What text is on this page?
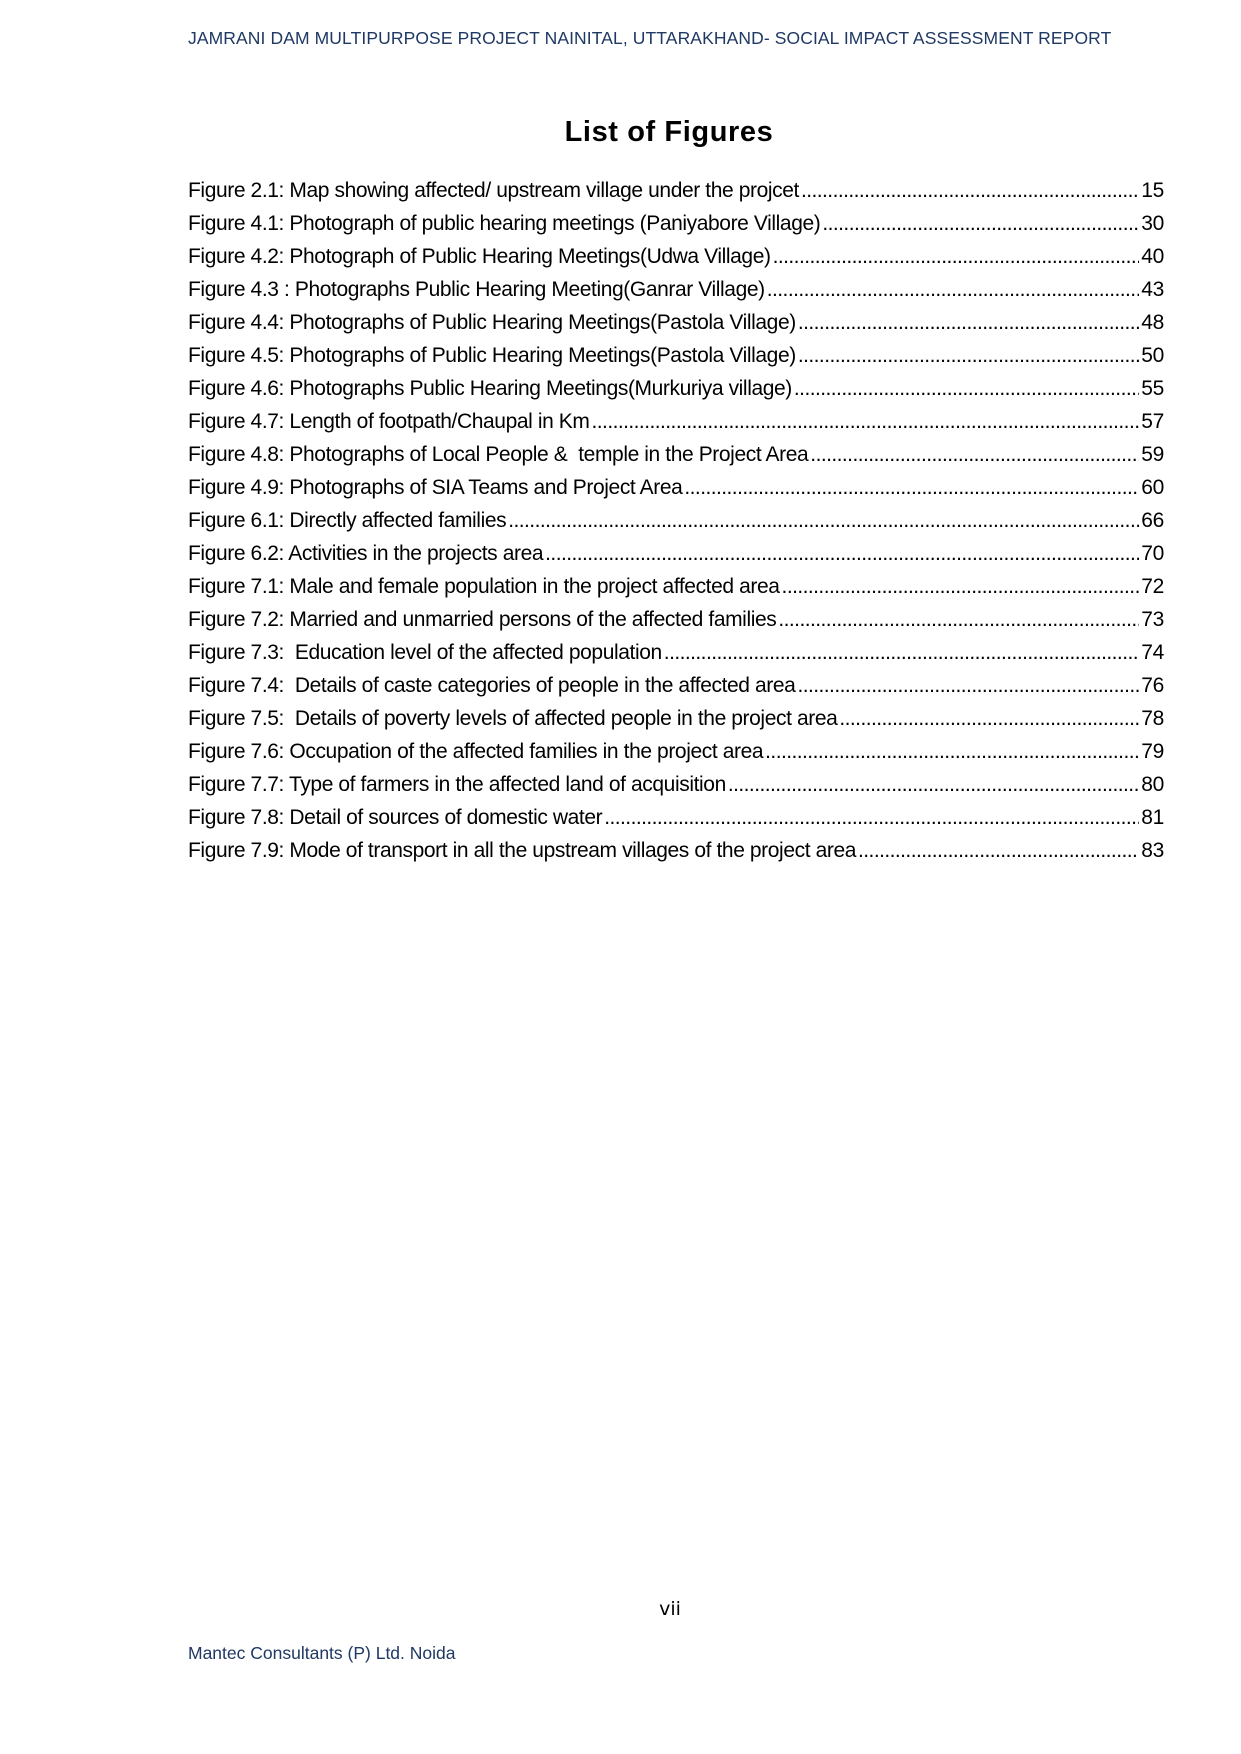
JAMRANI DAM MULTIPURPOSE PROJECT NAINITAL, UTTARAKHAND- SOCIAL IMPACT ASSESSMENT REPORT
List of Figures
Figure 2.1: Map showing affected/ upstream village under the projcet . . .	15
Figure 4.1: Photograph of public hearing meetings (Paniyabore Village) . . .	30
Figure 4.2: Photograph of Public Hearing Meetings(Udwa Village) . . .	40
Figure 4.3 : Photographs Public Hearing Meeting(Ganrar Village) . . .	43
Figure 4.4: Photographs of Public Hearing Meetings(Pastola Village) . . .	48
Figure 4.5: Photographs of Public Hearing Meetings(Pastola Village) . . .	50
Figure 4.6: Photographs Public Hearing Meetings(Murkuriya village) . . .	55
Figure 4.7: Length of footpath/Chaupal in Km . . .	57
Figure 4.8: Photographs of Local People &  temple in the Project Area . . .	59
Figure 4.9: Photographs of SIA Teams and Project Area . . .	60
Figure 6.1: Directly affected families . . .	66
Figure 6.2: Activities in the projects area . . .	70
Figure 7.1: Male and female population in the project affected area . . .	72
Figure 7.2: Married and unmarried persons of the affected families . . .	73
Figure 7.3:  Education level of the affected population . . .	74
Figure 7.4:  Details of caste categories of people in the affected area . . .	76
Figure 7.5:  Details of poverty levels of affected people in the project area . . .	78
Figure 7.6: Occupation of the affected families in the project area . . .	79
Figure 7.7: Type of farmers in the affected land of acquisition . . .	80
Figure 7.8: Detail of sources of domestic water . . .	81
Figure 7.9: Mode of transport in all the upstream villages of the project area . . .	83
vii
Mantec Consultants (P) Ltd. Noida
